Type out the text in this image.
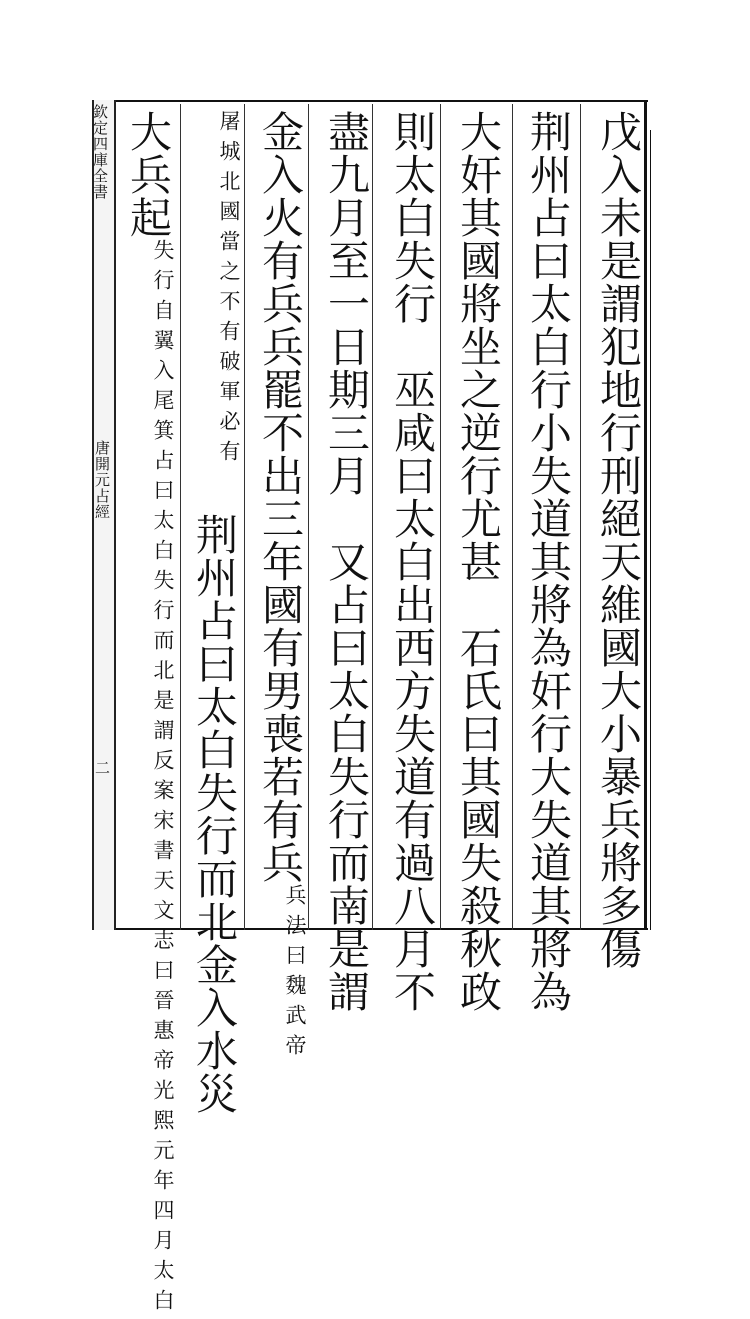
欽定四庫全書
唐開元占經
二	戊入未是謂犯地行刑絕天維國大小暴兵將多傷
荆州占曰太白行小失道其將為奸行大失道其將為
大奸其國將坐之逆行尤甚　石氏曰其國失殺秋政
則太白失行　巫咸曰太白出西方失道有過八月不
盡九月至一日期三月　又占曰太白失行而南是謂
金入火有兵兵罷不出三年國有男喪若有兵
魏武帝
兵法曰
不有破軍必有
屠城北國當之
　荆州占曰太白失行而北金入水災
大兵起
案宋書天文志曰晉惠帝光熙元年四月太白
失行自翼入尾箕占曰太白失行而北是謂反
